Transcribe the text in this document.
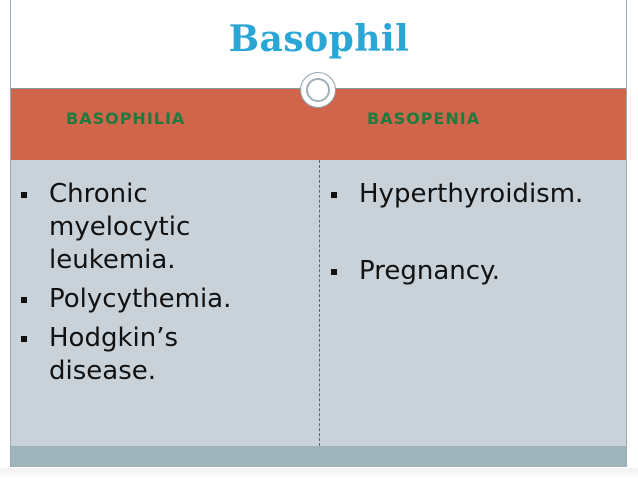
Basophil
BASOPHILIA	BASOPENIA
Chronic myelocytic leukemia.
Polycythemia.
Hodgkin’s disease.
Hyperthyroidism.
Pregnancy.
